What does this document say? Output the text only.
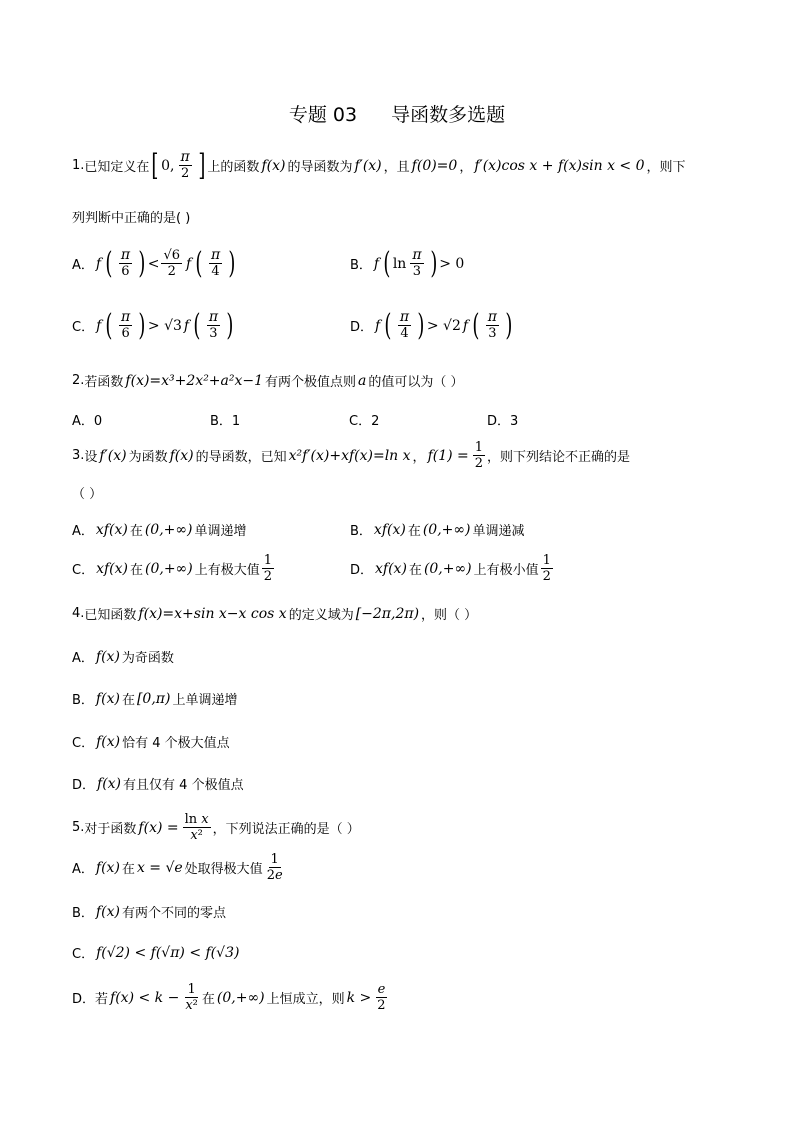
专题 03 导函数多选题
1. 已知定义在 [ 0, $\frac{\pi}{2}$ ] 上的函数 f(x) 的导函数为 f′(x) ，且 f(0)=0 ， f′(x)cos x + f(x)sin x < 0 ，则下
列判断中正确的是( )
A． f ( $\frac{\pi}{6}$ ) < $\frac{√6}{2}$ f ( $\frac{\pi}{4}$ )	B． f ( $\ln \frac{\pi}{3}$ ) > 0
C． f ( $\frac{\pi}{6}$ ) > √3 f ( $\frac{\pi}{3}$ )	D． f ( $\frac{\pi}{4}$ ) > √2 f ( $\frac{\pi}{3}$ )
2. 若函数 f(x)=x³+2x²+a²x−1 有两个极值点则 a 的值可以为（ ）
A．0	B．1	C．2	D．3
3. 设 f′(x) 为函数 f(x) 的导函数，已知 x²f′(x)+xf(x)=ln x ， $f(1) = \frac{1}{2}$ ，则下列结论不正确的是
（ ）
A． xf(x) 在 (0,+∞) 单调递增	B． xf(x) 在 (0,+∞) 单调递减
C． xf(x) 在 (0,+∞) 上有极大值 $\frac{1}{2}$	D． xf(x) 在 (0,+∞) 上有极小值 $\frac{1}{2}$
4. 已知函数 f(x)=x+sin x−x cos x 的定义域为 [−2π,2π) ，则（ ）
A． f(x) 为奇函数
B． f(x) 在 [0,π) 上单调递增
C． f(x) 恰有 4 个极大值点
D． f(x) 有且仅有 4 个极值点
5. 对于函数 $f(x) = \frac{\text{ln x}}{\text{x²}}$ ，下列说法正确的是（ ）
A． f(x) 在 x = √e 处取得极大值 $\frac{1}{2e}$
B． f(x) 有两个不同的零点
C． f(√2) < f(√π) < f(√3)
D． 若 $f(x) < k - \frac{1}{\text{x²}}$ 在 (0,+∞) 上恒成立，则 $k > \frac{e}{2}$
